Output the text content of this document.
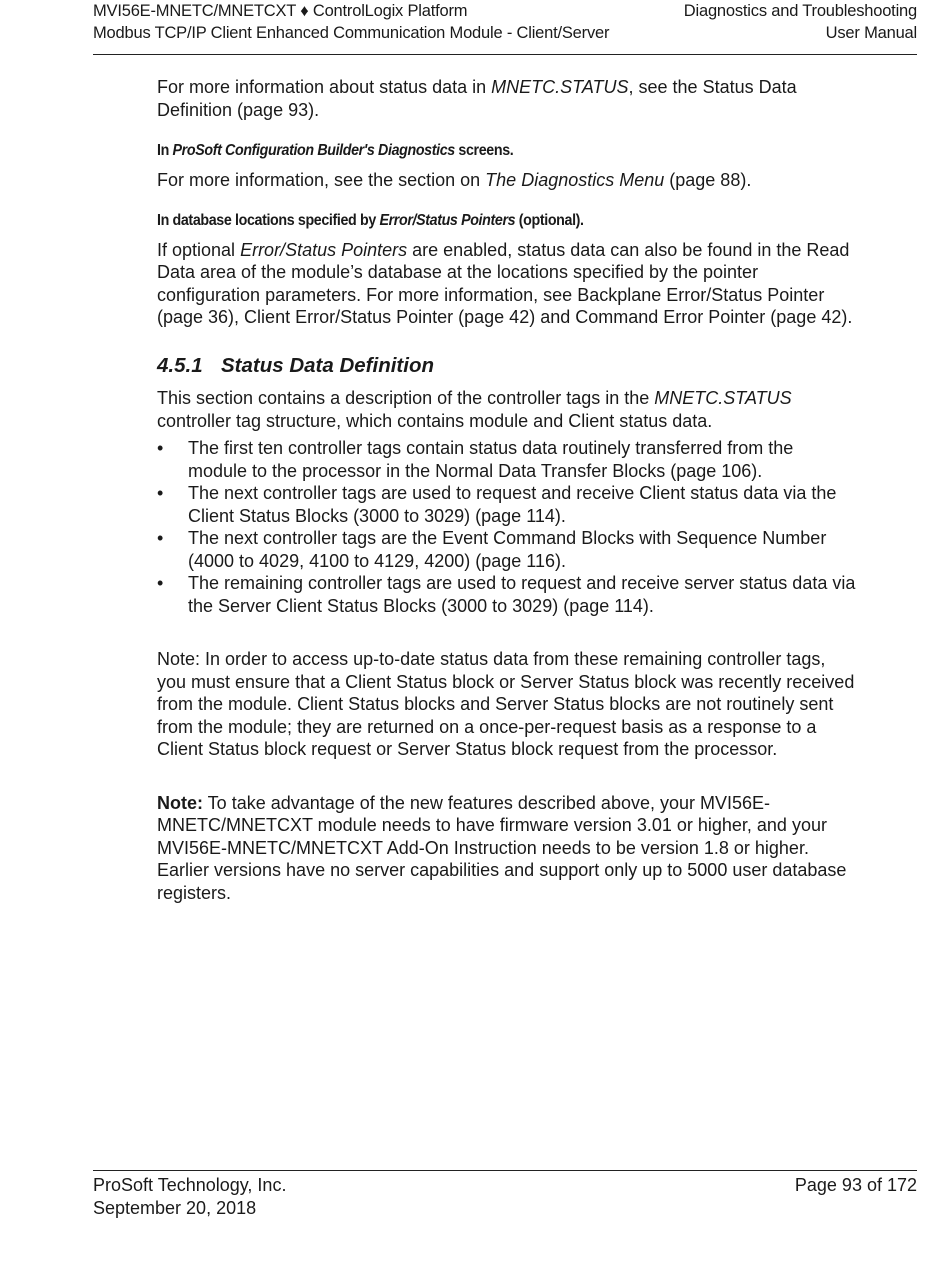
MVI56E-MNETC/MNETCXT ♦ ControlLogix Platform
Modbus TCP/IP Client Enhanced Communication Module - Client/Server
Diagnostics and Troubleshooting
User Manual

For more information about status data in MNETC.STATUS, see the Status Data Definition (page 93).

In ProSoft Configuration Builder's Diagnostics screens.

For more information, see the section on The Diagnostics Menu (page 88).

In database locations specified by Error/Status Pointers (optional).

If optional Error/Status Pointers are enabled, status data can also be found in the Read Data area of the module’s database at the locations specified by the pointer configuration parameters. For more information, see Backplane Error/Status Pointer (page 36), Client Error/Status Pointer (page 42) and Command Error Pointer (page 42).

4.5.1 Status Data Definition

This section contains a description of the controller tags in the MNETC.STATUS controller tag structure, which contains module and Client status data.

• The first ten controller tags contain status data routinely transferred from the module to the processor in the Normal Data Transfer Blocks (page 106).
• The next controller tags are used to request and receive Client status data via the Client Status Blocks (3000 to 3029) (page 114).
• The next controller tags are the Event Command Blocks with Sequence Number (4000 to 4029, 4100 to 4129, 4200) (page 116).
• The remaining controller tags are used to request and receive server status data via the Server Client Status Blocks (3000 to 3029) (page 114).

Note: In order to access up-to-date status data from these remaining controller tags, you must ensure that a Client Status block or Server Status block was recently received from the module. Client Status blocks and Server Status blocks are not routinely sent from the module; they are returned on a once-per-request basis as a response to a Client Status block request or Server Status block request from the processor.

Note: To take advantage of the new features described above, your MVI56E-MNETC/MNETCXT module needs to have firmware version 3.01 or higher, and your MVI56E-MNETC/MNETCXT Add-On Instruction needs to be version 1.8 or higher. Earlier versions have no server capabilities and support only up to 5000 user database registers.

ProSoft Technology, Inc.
September 20, 2018
Page 93 of 172
